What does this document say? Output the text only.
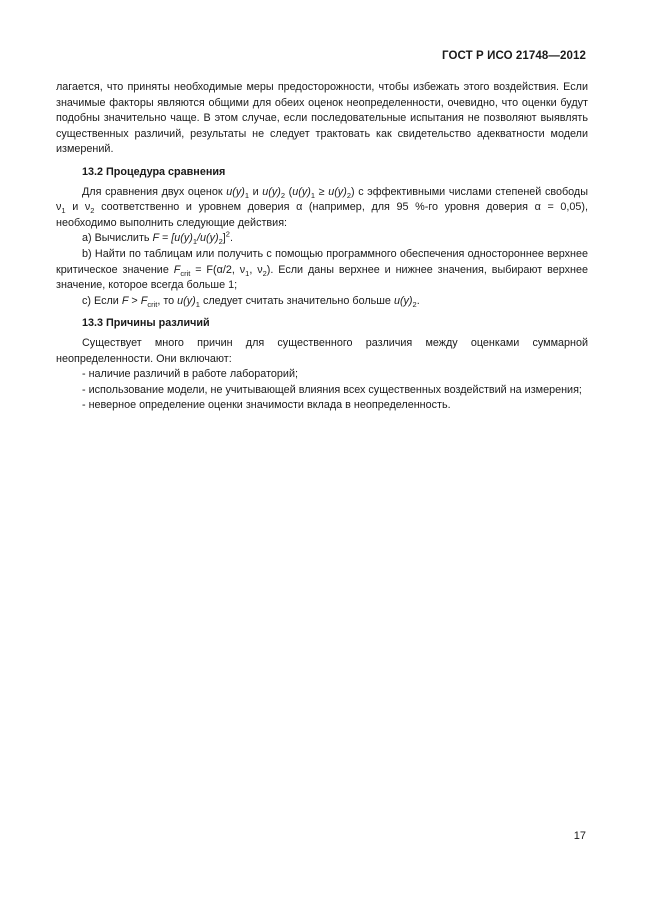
ГОСТ Р ИСО 21748—2012

лагается, что приняты необходимые меры предосторожности, чтобы избежать этого воздействия. Если значимые факторы являются общими для обеих оценок неопределенности, очевидно, что оценки будут подобны значительно чаще. В этом случае, если последовательные испытания не позволяют выявлять существенных различий, результаты не следует трактовать как свидетельство адекватности модели измерений.

13.2 Процедура сравнения

Для сравнения двух оценок $u(y)_1$ и $u(y)_2$ $(u(y)_1 \ge u(y)_2)$ с эффективными числами степеней свободы $\nu_1$ и $\nu_2$ соответственно и уровнем доверия α (например, для 95 %-го уровня доверия α = 0,05), необходимо выполнить следующие действия:

a) Вычислить $F = [u(y)_1/u(y)_2]^2$.

b) Найти по таблицам или получить с помощью программного обеспечения одностороннее верхнее критическое значение $F_{crit} = F(\alpha/2$, $\nu_1$, $\nu_2$). Если даны верхнее и нижнее значения, выбирают верхнее значение, которое всегда больше 1;

c) Если $F > F_{crit}$, то $u(y)_1$ следует считать значительно больше $u(y)_2$.

13.3 Причины различий

Существует много причин для существенного различия между оценками суммарной неопределенности. Они включают:

- наличие различий в работе лабораторий;

- использование модели, не учитывающей влияния всех существенных воздействий на измерения;

- неверное определение оценки значимости вклада в неопределенность.

17
